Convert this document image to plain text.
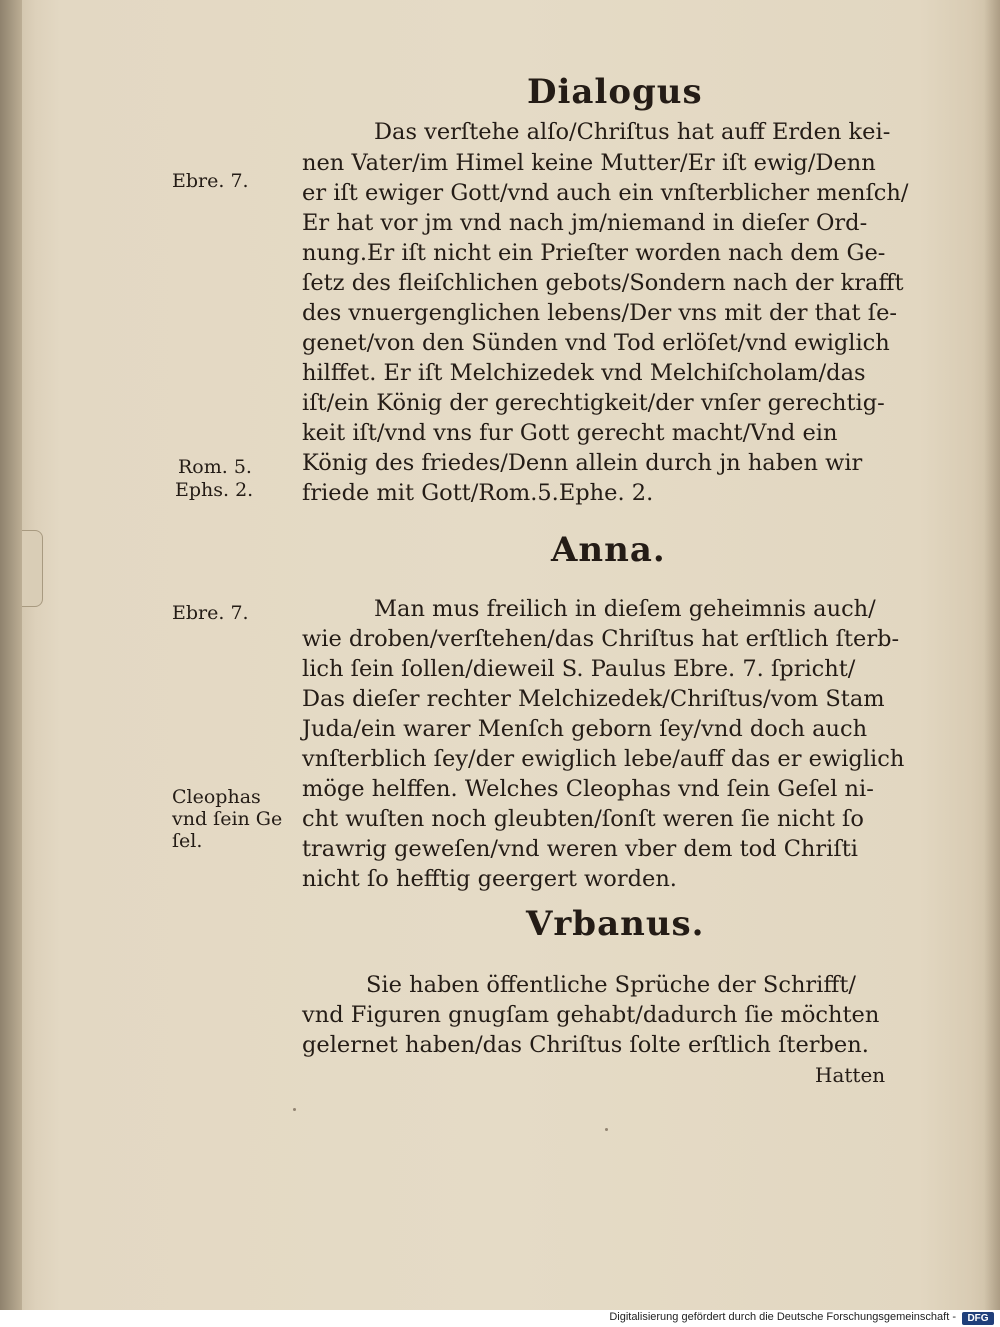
Dialogus
Ebre. 7.
Das verſtehe alſo/Chriſtus hat auff Erden kei-
nen Vater/im Himel keine Mutter/Er iſt ewig/Denn
er iſt ewiger Gott/vnd auch ein vnſterblicher menſch/
Er hat vor jm vnd nach jm/niemand in dieſer Ord-
nung.Er iſt nicht ein Prieſter worden nach dem Ge-
ſetz des fleiſchlichen gebots/Sondern nach der krafft
des vnuergenglichen lebens/Der vns mit der that ſe-
genet/von den Sünden vnd Tod erlöſet/vnd ewiglich
hilffet. Er iſt Melchizedek vnd Melchiſcholam/das
iſt/ein König der gerechtigkeit/der vnſer gerechtig-
keit iſt/vnd vns fur Gott gerecht macht/Vnd ein
König des friedes/Denn allein durch jn haben wir
friede mit Gott/Rom.5.Ephe. 2.
Rom. 5.
Ephs. 2.
Anna.
Ebre. 7.	Man mus freilich in dieſem geheimnis auch/
wie droben/verſtehen/das Chriſtus hat erſtlich ſterb-
lich ſein ſollen/dieweil S. Paulus Ebre. 7. ſpricht/
Das dieſer rechter Melchizedek/Chriſtus/vom Stam
Juda/ein warer Menſch geborn ſey/vnd doch auch
vnſterblich ſey/der ewiglich lebe/auff das er ewiglich
möge helffen. Welches Cleophas vnd ſein Geſel ni-
cht wuſten noch gleubten/ſonſt weren ſie nicht ſo
trawrig geweſen/vnd weren vber dem tod Chriſti
nicht ſo hefftig geergert worden.
Cleophas
vnd ſein Ge
ſel.
Vrbanus.
Sie haben öffentliche Sprüche der Schrifft/
vnd Figuren gnugſam gehabt/dadurch ſie möchten
gelernet haben/das Chriſtus ſolte erſtlich ſterben.
Hatten
Digitalisierung gefördert durch die Deutsche Forschungsgemeinschaft -	DFG
